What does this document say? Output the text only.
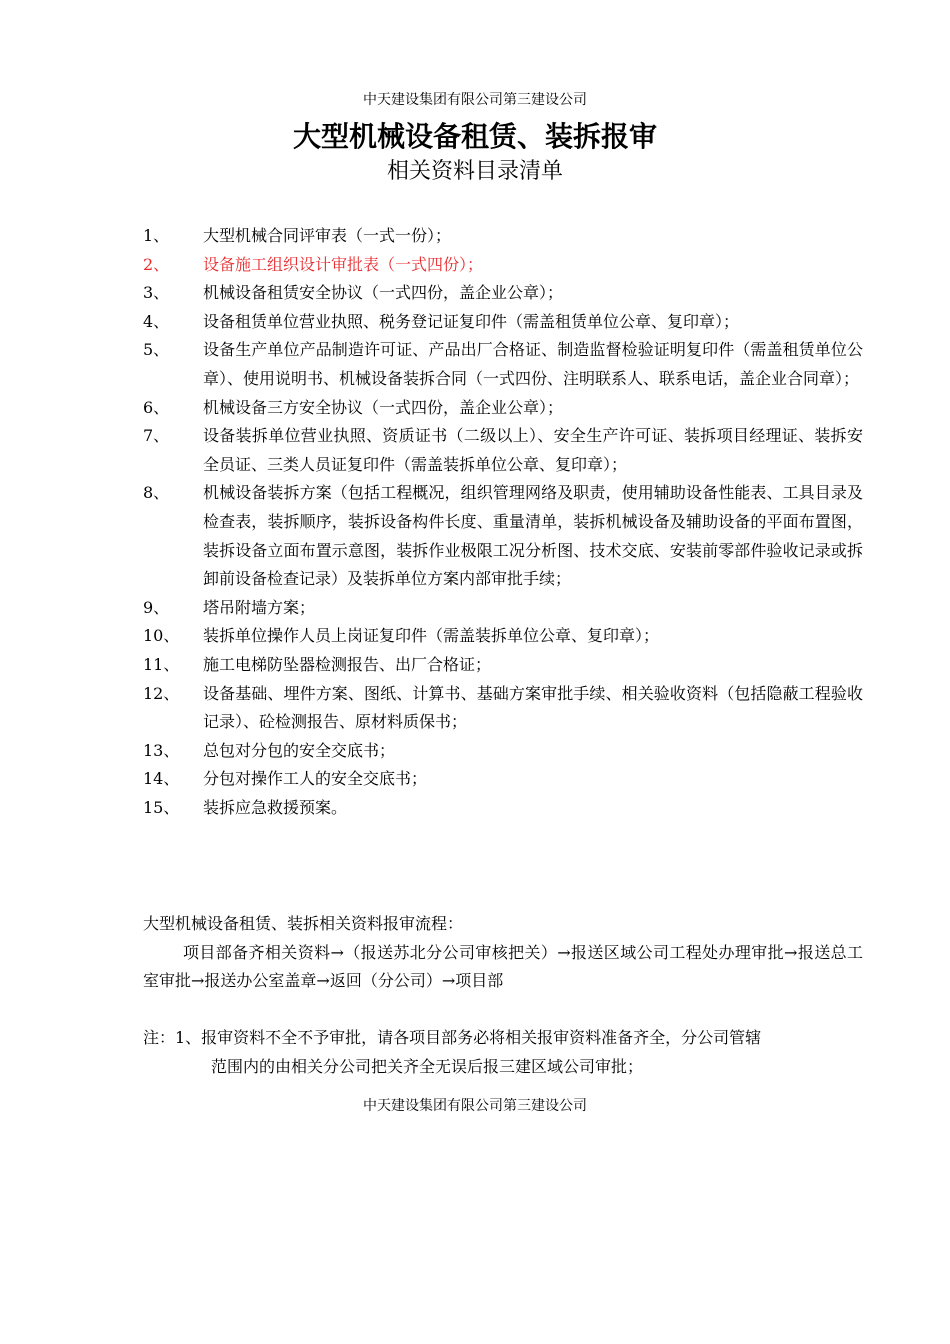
中天建设集团有限公司第三建设公司
大型机械设备租赁、装拆报审
相关资料目录清单
1、	大型机械合同评审表（一式一份）；
2、	设备施工组织设计审批表（一式四份）；
3、	机械设备租赁安全协议（一式四份，盖企业公章）；
4、	设备租赁单位营业执照、税务登记证复印件（需盖租赁单位公章、复印章）；
5、	设备生产单位产品制造许可证、产品出厂合格证、制造监督检验证明复印件（需盖租赁单位公章）、使用说明书、机械设备装拆合同（一式四份、注明联系人、联系电话，盖企业合同章）；
6、	机械设备三方安全协议（一式四份，盖企业公章）；
7、	设备装拆单位营业执照、资质证书（二级以上）、安全生产许可证、装拆项目经理证、装拆安全员证、三类人员证复印件（需盖装拆单位公章、复印章）；
8、	机械设备装拆方案（包括工程概况，组织管理网络及职责，使用辅助设备性能表、工具目录及检查表，装拆顺序，装拆设备构件长度、重量清单，装拆机械设备及辅助设备的平面布置图，装拆设备立面布置示意图，装拆作业极限工况分析图、技术交底、安装前零部件验收记录或拆卸前设备检查记录）及装拆单位方案内部审批手续；
9、	塔吊附墙方案；
10、	装拆单位操作人员上岗证复印件（需盖装拆单位公章、复印章）；
11、	施工电梯防坠器检测报告、出厂合格证；
12、	设备基础、埋件方案、图纸、计算书、基础方案审批手续、相关验收资料（包括隐蔽工程验收记录）、砼检测报告、原材料质保书；
13、	总包对分包的安全交底书；
14、	分包对操作工人的安全交底书；
15、	装拆应急救援预案。
大型机械设备租赁、装拆相关资料报审流程：
项目部备齐相关资料→（报送苏北分公司审核把关）→报送区域公司工程处办理审批→报送总工室审批→报送办公室盖章→返回（分公司）→项目部
注：1、报审资料不全不予审批，请各项目部务必将相关报审资料准备齐全，分公司管辖
范围内的由相关分公司把关齐全无误后报三建区域公司审批；
中天建设集团有限公司第三建设公司
